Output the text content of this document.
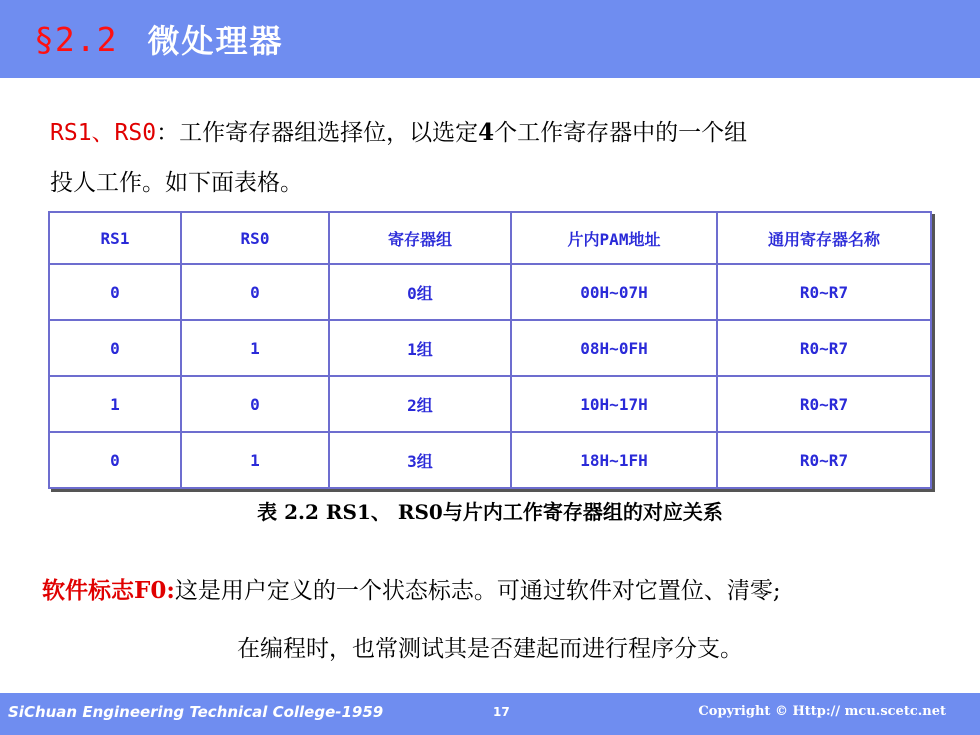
§2.2 微处理器
RS1、RS0：工作寄存器组选择位，以选定4个工作寄存器中的一个组
投人工作。如下面表格。
RS1	RS0	寄存器组	片内PAM地址	通用寄存器名称
0	0	0组	00H~07H	R0~R7
0	1	1组	08H~0FH	R0~R7
1	0	2组	10H~17H	R0~R7
0	1	3组	18H~1FH	R0~R7
表 2.2 RS1、 RS0与片内工作寄存器组的对应关系
软件标志F0:这是用户定义的一个状态标志。可通过软件对它置位、清零;
在编程时，也常测试其是否建起而进行程序分支。
SiChuan Engineering Technical College-1959	17	Copyright © Http:// mcu.scetc.net
